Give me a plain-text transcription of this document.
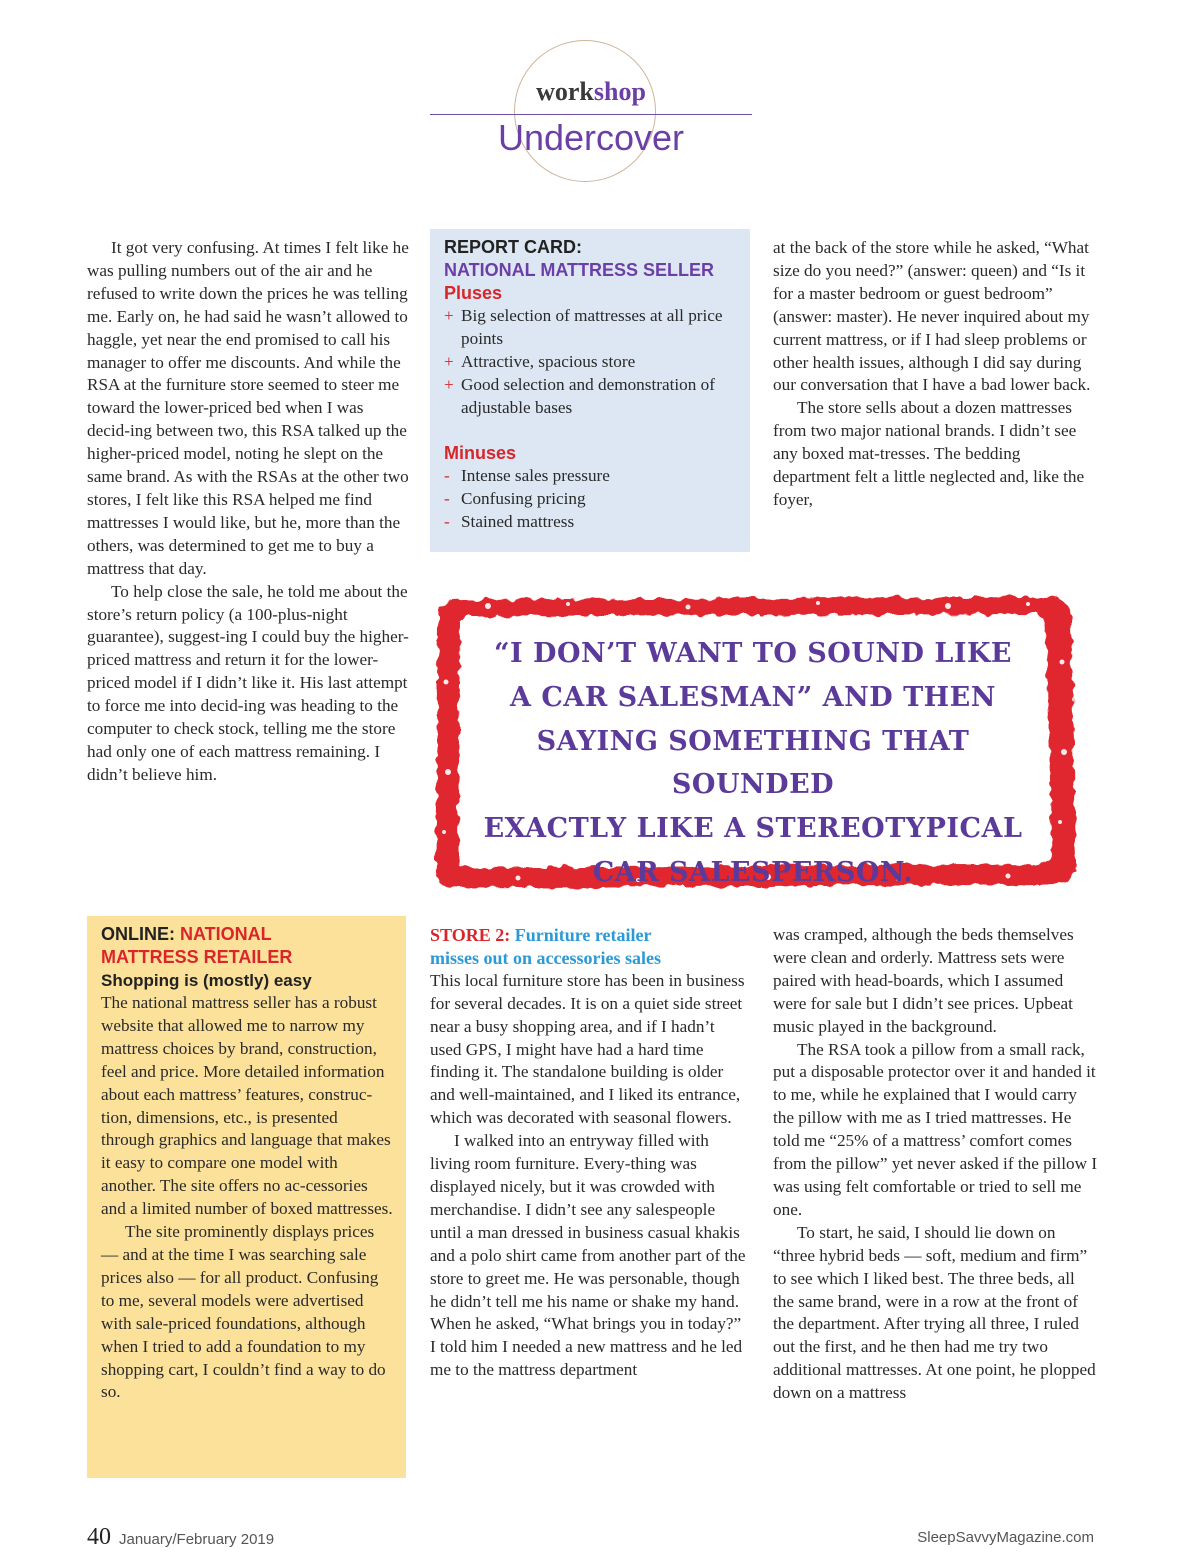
workshop
Undercover

It got very confusing. At times I felt like he was pulling numbers out of the air and he refused to write down the prices he was telling me. Early on, he had said he wasn’t allowed to haggle, yet near the end promised to call his manager to offer me discounts. And while the RSA at the furniture store seemed to steer me toward the lower-priced bed when I was decid-ing between two, this RSA talked up the higher-priced model, noting he slept on the same brand. As with the RSAs at the other two stores, I felt like this RSA helped me find mattresses I would like, but he, more than the others, was determined to get me to buy a mattress that day.

To help close the sale, he told me about the store’s return policy (a 100-plus-night guarantee), suggest-ing I could buy the higher-priced mattress and return it for the lower-priced model if I didn’t like it. His last attempt to force me into decid-ing was heading to the computer to check stock, telling me the store had only one of each mattress remaining. I didn’t believe him.

REPORT CARD:
NATIONAL MATTRESS SELLER
Pluses
+ Big selection of mattresses at all price points
+ Attractive, spacious store
+ Good selection and demonstration of adjustable bases
Minuses
- Intense sales pressure
- Confusing pricing
- Stained mattress

at the back of the store while he asked, “What size do you need?” (answer: queen) and “Is it for a master bedroom or guest bedroom” (answer: master). He never inquired about my current mattress, or if I had sleep problems or other health issues, although I did say during our conversation that I have a bad lower back.

The store sells about a dozen mattresses from two major national brands. I didn’t see any boxed mat-tresses. The bedding department felt a little neglected and, like the foyer,

“I DON’T WANT TO SOUND LIKE
A CAR SALESMAN” AND THEN
SAYING SOMETHING THAT SOUNDED
EXACTLY LIKE A STEREOTYPICAL
CAR SALESPERSON.
ONLINE: NATIONAL
MATTRESS RETAILER
Shopping is (mostly) easy

The national mattress seller has a robust website that allowed me to narrow my mattress choices by brand, construction, feel and price. More detailed information about each mattress’ features, construc-tion, dimensions, etc., is presented through graphics and language that makes it easy to compare one model with another. The site offers no ac-cessories and a limited number of boxed mattresses.

The site prominently displays prices — and at the time I was searching sale prices also — for all product. Confusing to me, several models were advertised with sale-priced foundations, although when I tried to add a foundation to my shopping cart, I couldn’t find a way to do so.

STORE 2: Furniture retailer
misses out on accessories sales

This local furniture store has been in business for several decades. It is on a quiet side street near a busy shopping area, and if I hadn’t used GPS, I might have had a hard time finding it. The standalone building is older and well-maintained, and I liked its entrance, which was decorated with seasonal flowers.

I walked into an entryway filled with living room furniture. Every-thing was displayed nicely, but it was crowded with merchandise. I didn’t see any salespeople until a man dressed in business casual khakis and a polo shirt came from another part of the store to greet me. He was personable, though he didn’t tell me his name or shake my hand. When he asked, “What brings you in today?” I told him I needed a new mattress and he led me to the mattress department

was cramped, although the beds themselves were clean and orderly. Mattress sets were paired with head-boards, which I assumed were for sale but I didn’t see prices. Upbeat music played in the background.

The RSA took a pillow from a small rack, put a disposable protector over it and handed it to me, while he explained that I would carry the pillow with me as I tried mattresses. He told me “25% of a mattress’ comfort comes from the pillow” yet never asked if the pillow I was using felt comfortable or tried to sell me one.

To start, he said, I should lie down on “three hybrid beds — soft, medium and firm” to see which I liked best. The three beds, all the same brand, were in a row at the front of the department. After trying all three, I ruled out the first, and he then had me try two additional mattresses. At one point, he plopped down on a mattress

40 January/February 2019	SleepSavvyMagazine.com
